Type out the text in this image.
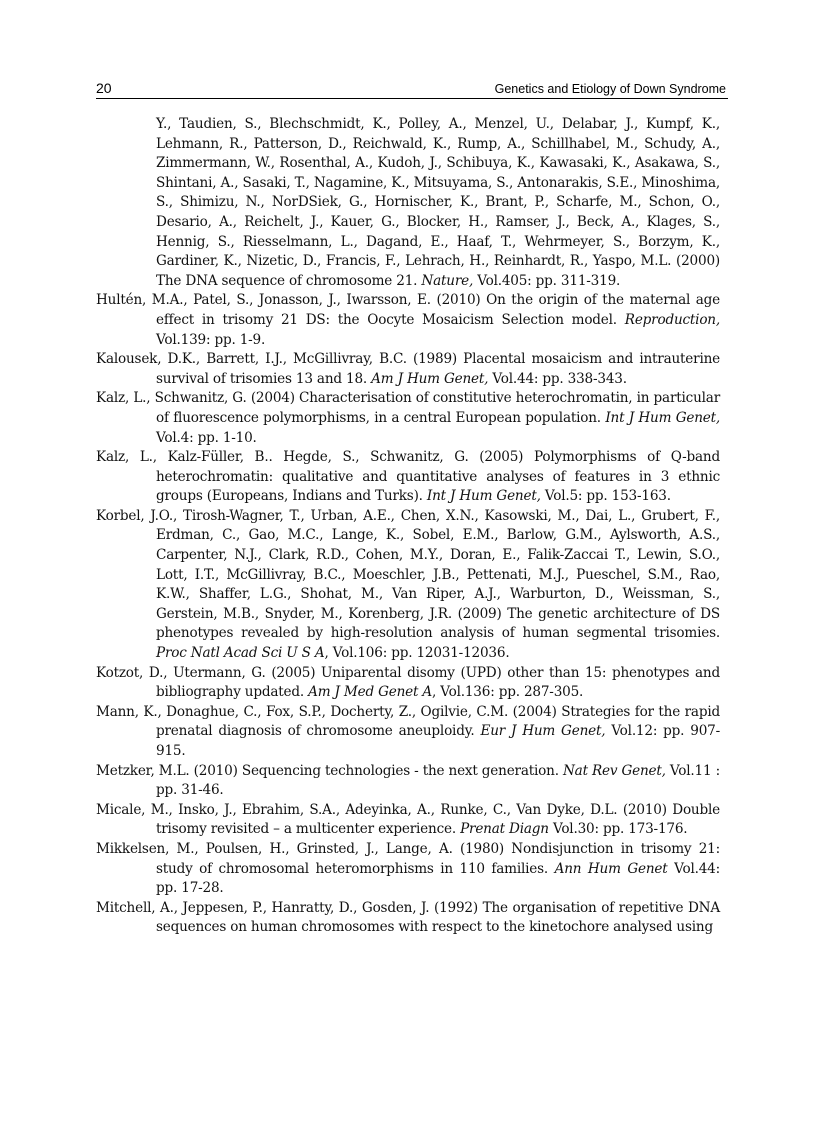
20	Genetics and Etiology of Down Syndrome

Y., Taudien, S., Blechschmidt, K., Polley, A., Menzel, U., Delabar, J., Kumpf, K., Lehmann, R., Patterson, D., Reichwald, K., Rump, A., Schillhabel, M., Schudy, A., Zimmermann, W., Rosenthal, A., Kudoh, J., Schibuya, K., Kawasaki, K., Asakawa, S., Shintani, A., Sasaki, T., Nagamine, K., Mitsuyama, S., Antonarakis, S.E., Minoshima, S., Shimizu, N., NorDSiek, G., Hornischer, K., Brant, P., Scharfe, M., Schon, O., Desario, A., Reichelt, J., Kauer, G., Blocker, H., Ramser, J., Beck, A., Klages, S., Hennig, S., Riesselmann, L., Dagand, E., Haaf, T., Wehrmeyer, S., Borzym, K., Gardiner, K., Nizetic, D., Francis, F., Lehrach, H., Reinhardt, R., Yaspo, M.L. (2000) The DNA sequence of chromosome 21. Nature, Vol.405: pp. 311-319.

Hultén, M.A., Patel, S., Jonasson, J., Iwarsson, E. (2010) On the origin of the maternal age effect in trisomy 21 DS: the Oocyte Mosaicism Selection model. Reproduction, Vol.139: pp. 1-9.

Kalousek, D.K., Barrett, I.J., McGillivray, B.C. (1989) Placental mosaicism and intrauterine survival of trisomies 13 and 18. Am J Hum Genet, Vol.44: pp. 338-343.

Kalz, L., Schwanitz, G. (2004) Characterisation of constitutive heterochromatin, in particular of fluorescence polymorphisms, in a central European population. Int J Hum Genet, Vol.4: pp. 1-10.

Kalz, L., Kalz-Füller, B.. Hegde, S., Schwanitz, G. (2005) Polymorphisms of Q-band heterochromatin: qualitative and quantitative analyses of features in 3 ethnic groups (Europeans, Indians and Turks). Int J Hum Genet, Vol.5: pp. 153-163.

Korbel, J.O., Tirosh-Wagner, T., Urban, A.E., Chen, X.N., Kasowski, M., Dai, L., Grubert, F., Erdman, C., Gao, M.C., Lange, K., Sobel, E.M., Barlow, G.M., Aylsworth, A.S., Carpenter, N.J., Clark, R.D., Cohen, M.Y., Doran, E., Falik-Zaccai T., Lewin, S.O., Lott, I.T., McGillivray, B.C., Moeschler, J.B., Pettenati, M.J., Pueschel, S.M., Rao, K.W., Shaffer, L.G., Shohat, M., Van Riper, A.J., Warburton, D., Weissman, S., Gerstein, M.B., Snyder, M., Korenberg, J.R. (2009) The genetic architecture of DS phenotypes revealed by high-resolution analysis of human segmental trisomies. Proc Natl Acad Sci U S A, Vol.106: pp. 12031-12036.

Kotzot, D., Utermann, G. (2005) Uniparental disomy (UPD) other than 15: phenotypes and bibliography updated. Am J Med Genet A, Vol.136: pp. 287-305.

Mann, K., Donaghue, C., Fox, S.P., Docherty, Z., Ogilvie, C.M. (2004) Strategies for the rapid prenatal diagnosis of chromosome aneuploidy. Eur J Hum Genet, Vol.12: pp. 907-915.

Metzker, M.L. (2010) Sequencing technologies - the next generation. Nat Rev Genet, Vol.11 : pp. 31-46.

Micale, M., Insko, J., Ebrahim, S.A., Adeyinka, A., Runke, C., Van Dyke, D.L. (2010) Double trisomy revisited – a multicenter experience. Prenat Diagn Vol.30: pp. 173-176.

Mikkelsen, M., Poulsen, H., Grinsted, J., Lange, A. (1980) Nondisjunction in trisomy 21: study of chromosomal heteromorphisms in 110 families. Ann Hum Genet Vol.44: pp. 17-28.

Mitchell, A., Jeppesen, P., Hanratty, D., Gosden, J. (1992) The organisation of repetitive DNA sequences on human chromosomes with respect to the kinetochore analysed using
